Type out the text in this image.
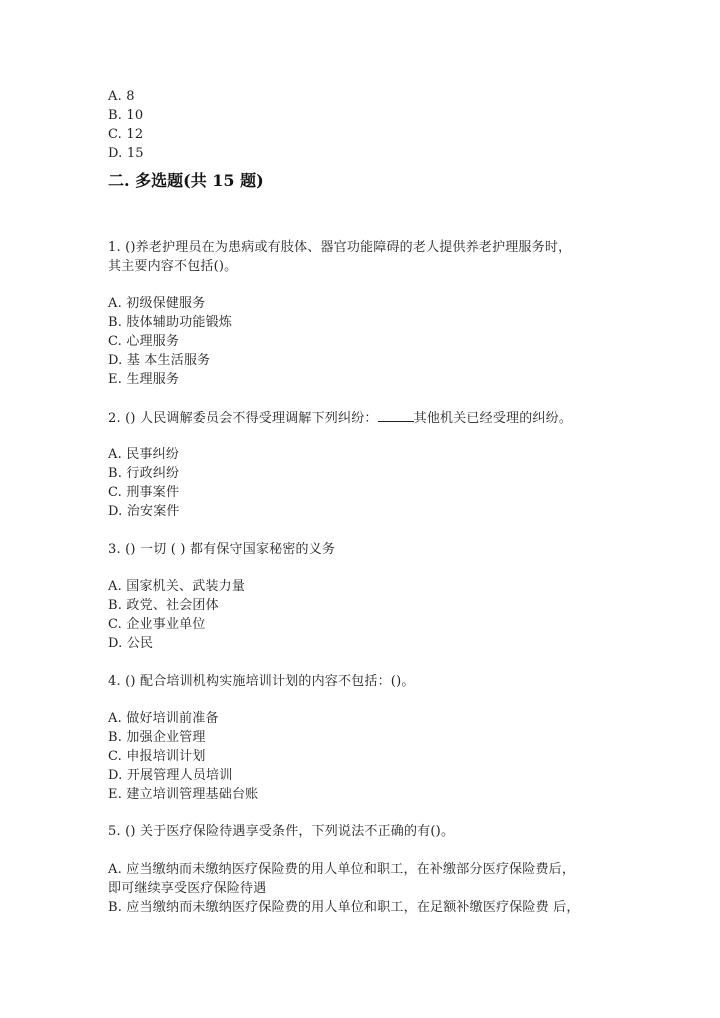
A. 8
B. 10
C. 12
D. 15
二. 多选题(共 15 题)
1. ()养老护理员在为患病或有肢体、器官功能障碍的老人提供养老护理服务时，
其主要内容不包括()。
A. 初级保健服务
B. 肢体辅助功能锻炼
C. 心理服务
D. 基 本生活服务
E. 生理服务
2. () 人民调解委员会不得受理调解下列纠纷：	其他机关已经受理的纠纷。
A. 民事纠纷
B. 行政纠纷
C. 刑事案件
D. 治安案件
3. () 一切 ( ) 都有保守国家秘密的义务
A. 国家机关、武装力量
B. 政党、社会团体
C. 企业事业单位
D. 公民
4. () 配合培训机构实施培训计划的内容不包括：()。
A. 做好培训前准备
B. 加强企业管理
C. 申报培训计划
D. 开展管理人员培训
E. 建立培训管理基础台账
5. () 关于医疗保险待遇享受条件，下列说法不正确的有()。
A. 应当缴纳而未缴纳医疗保险费的用人单位和职工，在补缴部分医疗保险费后，
即可继续享受医疗保险待遇
B. 应当缴纳而未缴纳医疗保险费的用人单位和职工，在足额补缴医疗保险费 后，
